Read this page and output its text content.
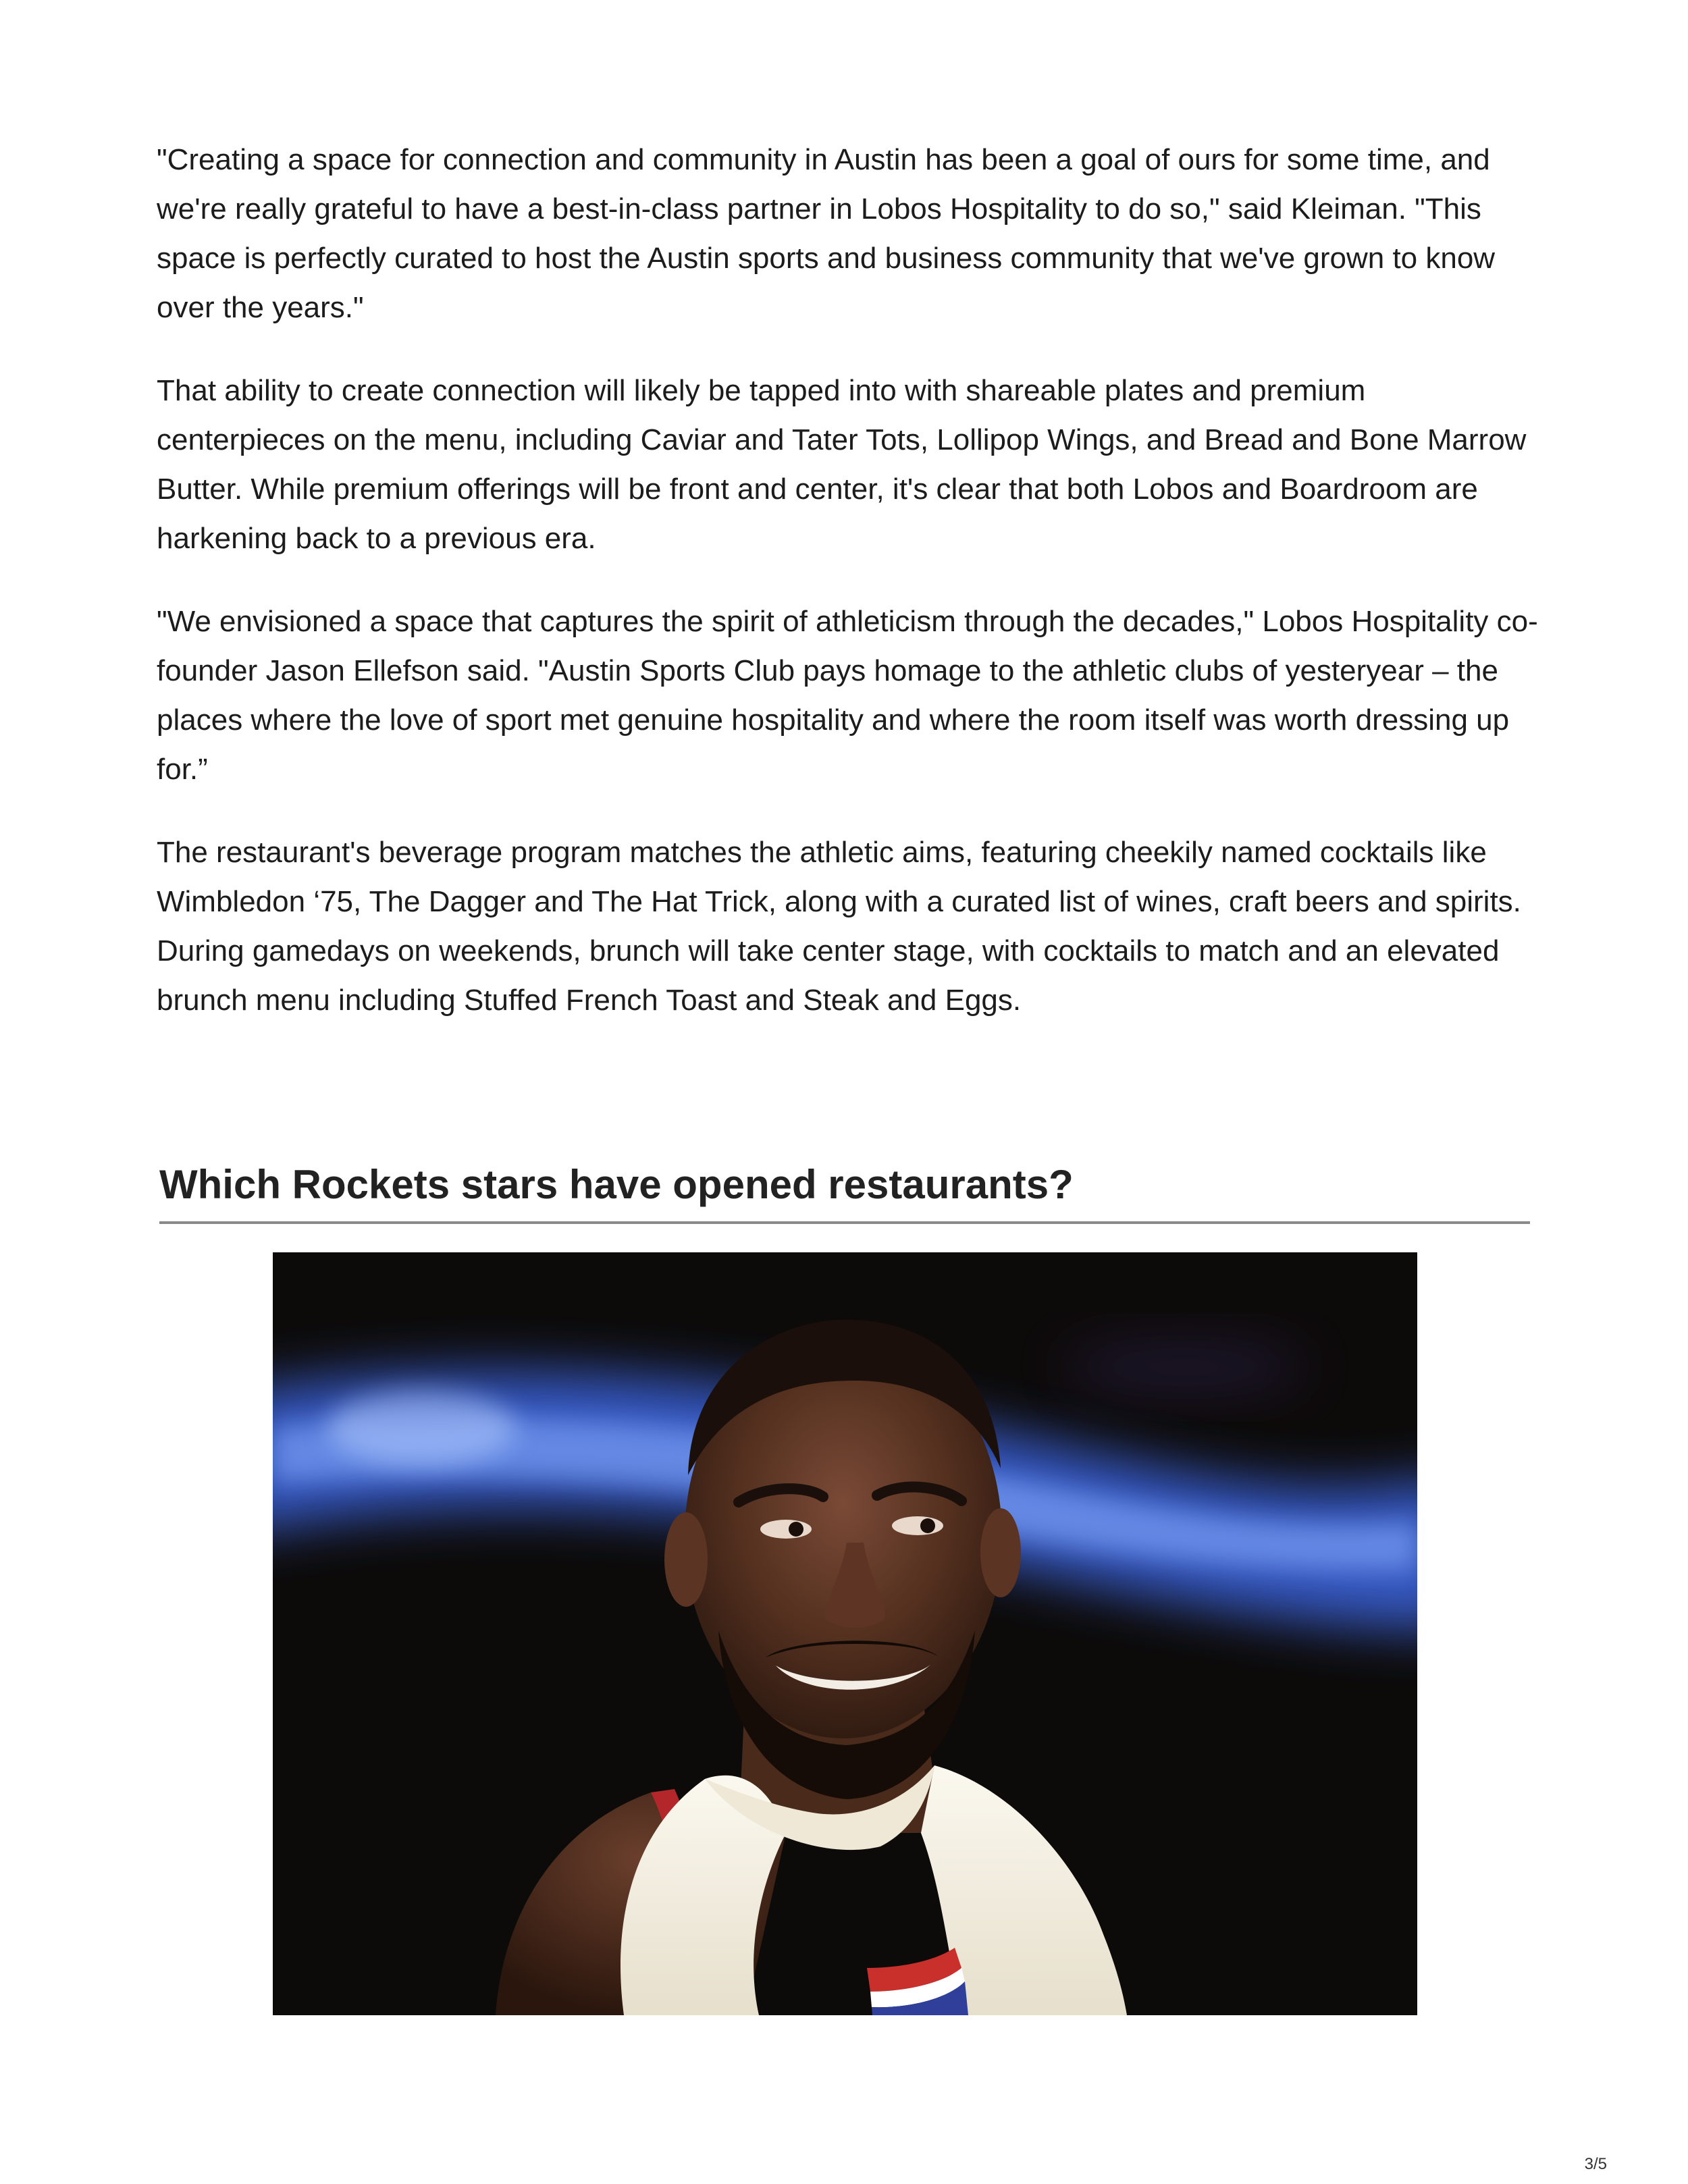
"Creating a space for connection and community in Austin has been a goal of ours for some time, and we're really grateful to have a best-in-class partner in Lobos Hospitality to do so," said Kleiman. "This space is perfectly curated to host the Austin sports and business community that we've grown to know over the years."

That ability to create connection will likely be tapped into with shareable plates and premium centerpieces on the menu, including Caviar and Tater Tots, Lollipop Wings, and Bread and Bone Marrow Butter. While premium offerings will be front and center, it's clear that both Lobos and Boardroom are harkening back to a previous era.

"We envisioned a space that captures the spirit of athleticism through the decades," Lobos Hospitality co-founder Jason Ellefson said. "Austin Sports Club pays homage to the athletic clubs of yesteryear – the places where the love of sport met genuine hospitality and where the room itself was worth dressing up for.”

The restaurant's beverage program matches the athletic aims, featuring cheekily named cocktails like Wimbledon ‘75, The Dagger and The Hat Trick, along with a curated list of wines, craft beers and spirits. During gamedays on weekends, brunch will take center stage, with cocktails to match and an elevated brunch menu including Stuffed French Toast and Steak and Eggs.

Which Rockets stars have opened restaurants?
3/5
